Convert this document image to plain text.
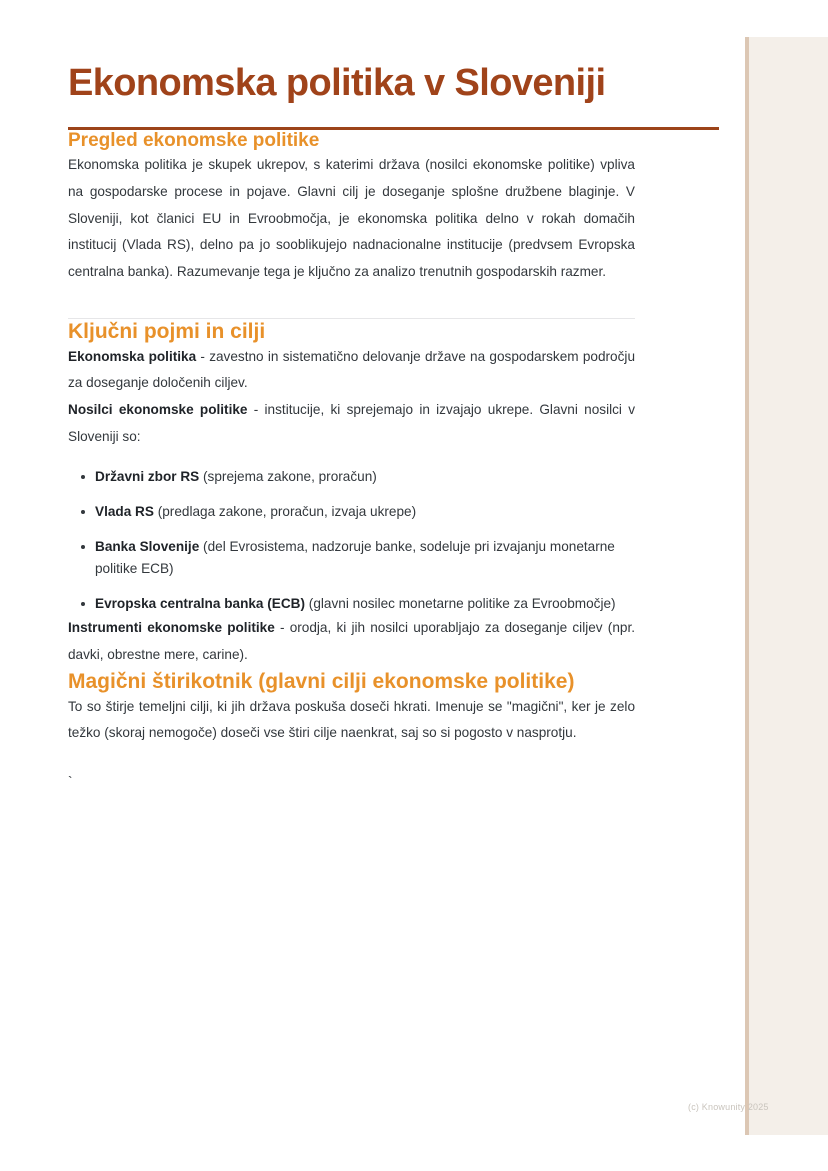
Ekonomska politika v Sloveniji
Pregled ekonomske politike

Ekonomska politika je skupek ukrepov, s katerimi država (nosilci ekonomske politike) vpliva na gospodarske procese in pojave. Glavni cilj je doseganje splošne družbene blaginje. V Sloveniji, kot članici EU in Evroobmočja, je ekonomska politika delno v rokah domačih institucij (Vlada RS), delno pa jo sooblikujejo nadnacionalne institucije (predvsem Evropska centralna banka). Razumevanje tega je ključno za analizo trenutnih gospodarskih razmer.

Ključni pojmi in cilji

Ekonomska politika - zavestno in sistematično delovanje države na gospodarskem področju za doseganje določenih ciljev.

Nosilci ekonomske politike - institucije, ki sprejemajo in izvajajo ukrepe. Glavni nosilci v Sloveniji so:

Državni zbor RS (sprejema zakone, proračun)
Vlada RS (predlaga zakone, proračun, izvaja ukrepe)
Banka Slovenije (del Evrosistema, nadzoruje banke, sodeluje pri izvajanju monetarne politike ECB)
Evropska centralna banka (ECB) (glavni nosilec monetarne politike za Evroobmočje)

Instrumenti ekonomske politike - orodja, ki jih nosilci uporabljajo za doseganje ciljev (npr. davki, obrestne mere, carine).

Magični štirikotnik (glavni cilji ekonomske politike)

To so štirje temeljni cilji, ki jih država poskuša doseči hkrati. Imenuje se "magični", ker je zelo težko (skoraj nemogoče) doseči vse štiri cilje naenkrat, saj so si pogosto v nasprotju.

`
(c) Knowunity 2025
